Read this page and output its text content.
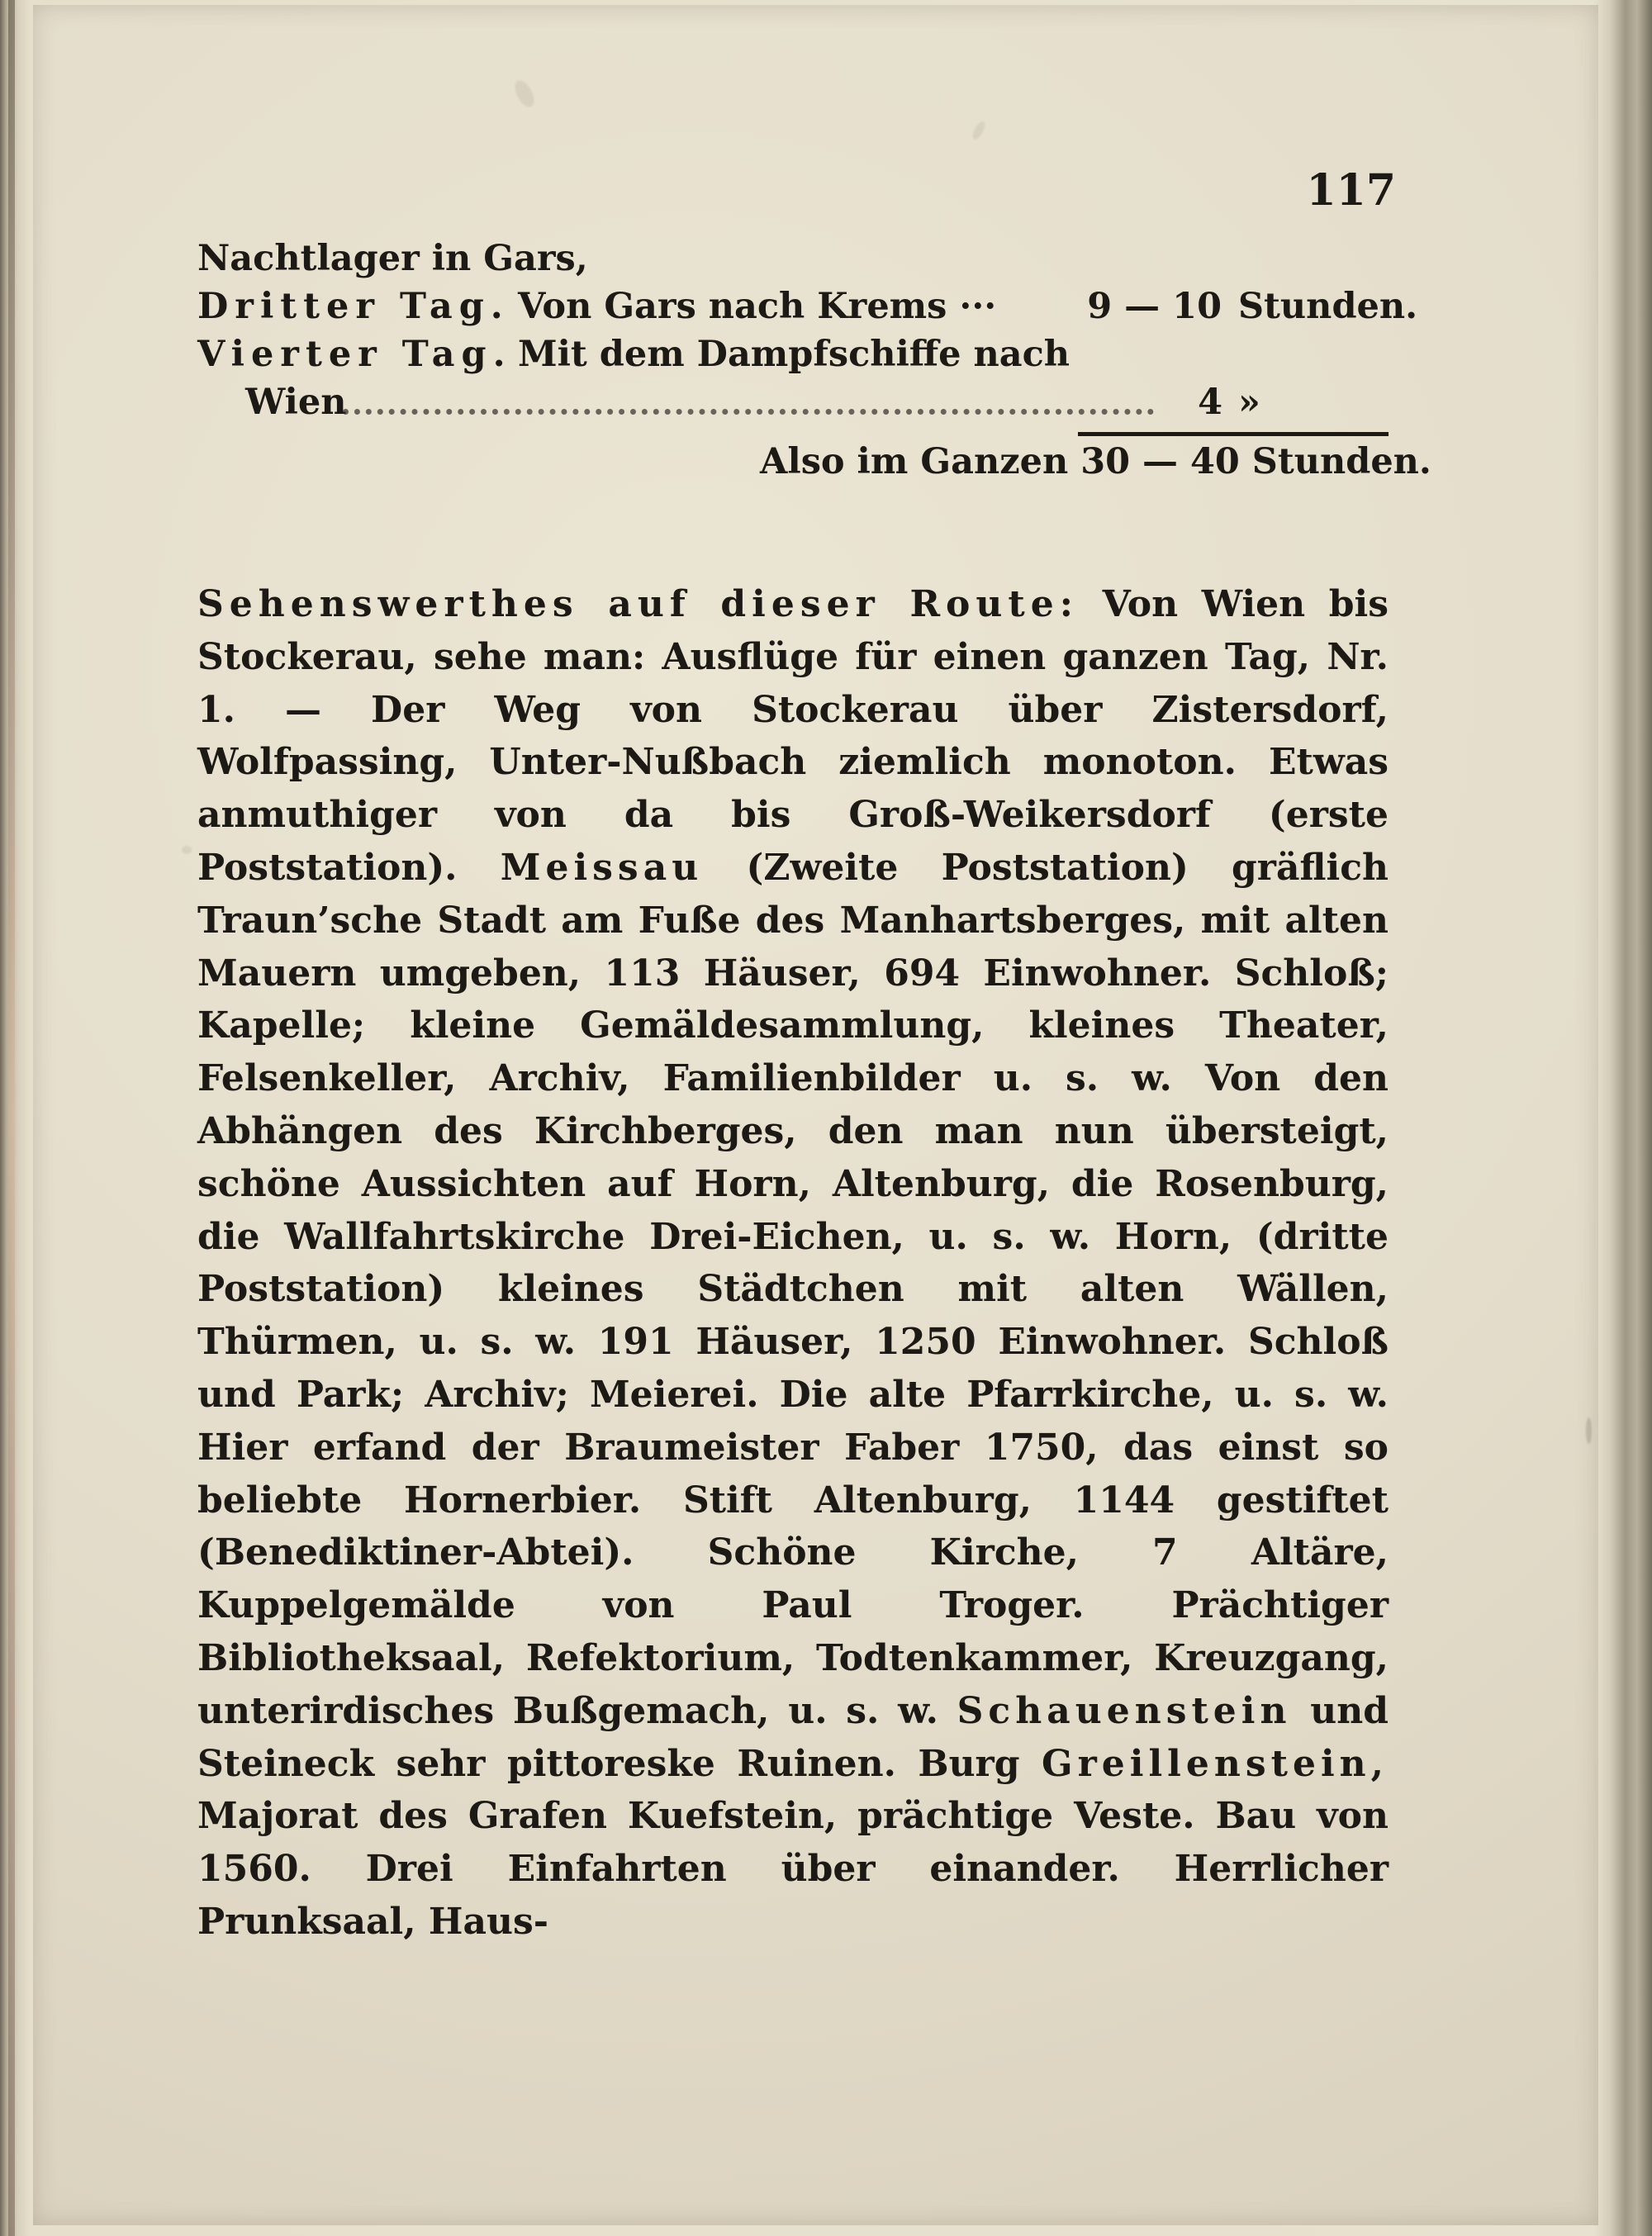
117
Nachtlager in Gars,
Dritter Tag. Von Gars nach Krems ···	9 — 10 Stunden.
Vierter Tag. Mit dem Dampfschiffe nach
Wien	4 »
Also im Ganzen 30 — 40 Stunden.

Sehenswerthes auf dieser Route: Von Wien bis Stockerau, sehe man: Ausflüge für einen ganzen Tag, Nr. 1. — Der Weg von Stockerau über Zistersdorf, Wolfpassing, Unter-Nußbach ziemlich monoton. Etwas anmuthiger von da bis Groß-Weikersdorf (erste Poststation). Meissau (Zweite Poststation) gräflich Traun’sche Stadt am Fuße des Manhartsberges, mit alten Mauern umgeben, 113 Häuser, 694 Einwohner. Schloß; Kapelle; kleine Gemäldesammlung, kleines Theater, Felsenkeller, Archiv, Familienbilder u. s. w. Von den Abhängen des Kirchberges, den man nun übersteigt, schöne Aussichten auf Horn, Altenburg, die Rosenburg, die Wallfahrtskirche Drei-Eichen, u. s. w. Horn, (dritte Poststation) kleines Städtchen mit alten Wällen, Thürmen, u. s. w. 191 Häuser, 1250 Einwohner. Schloß und Park; Archiv; Meierei. Die alte Pfarrkirche, u. s. w. Hier erfand der Braumeister Faber 1750, das einst so beliebte Hornerbier. Stift Altenburg, 1144 gestiftet (Benediktiner-Abtei). Schöne Kirche, 7 Altäre, Kuppelgemälde von Paul Troger. Prächtiger Bibliotheksaal, Refektorium, Todtenkammer, Kreuzgang, unterirdisches Bußgemach, u. s. w. Schauenstein und Steineck sehr pittoreske Ruinen. Burg Greillenstein, Majorat des Grafen Kuefstein, prächtige Veste. Bau von 1560. Drei Einfahrten über einander. Herrlicher Prunksaal, Haus-
